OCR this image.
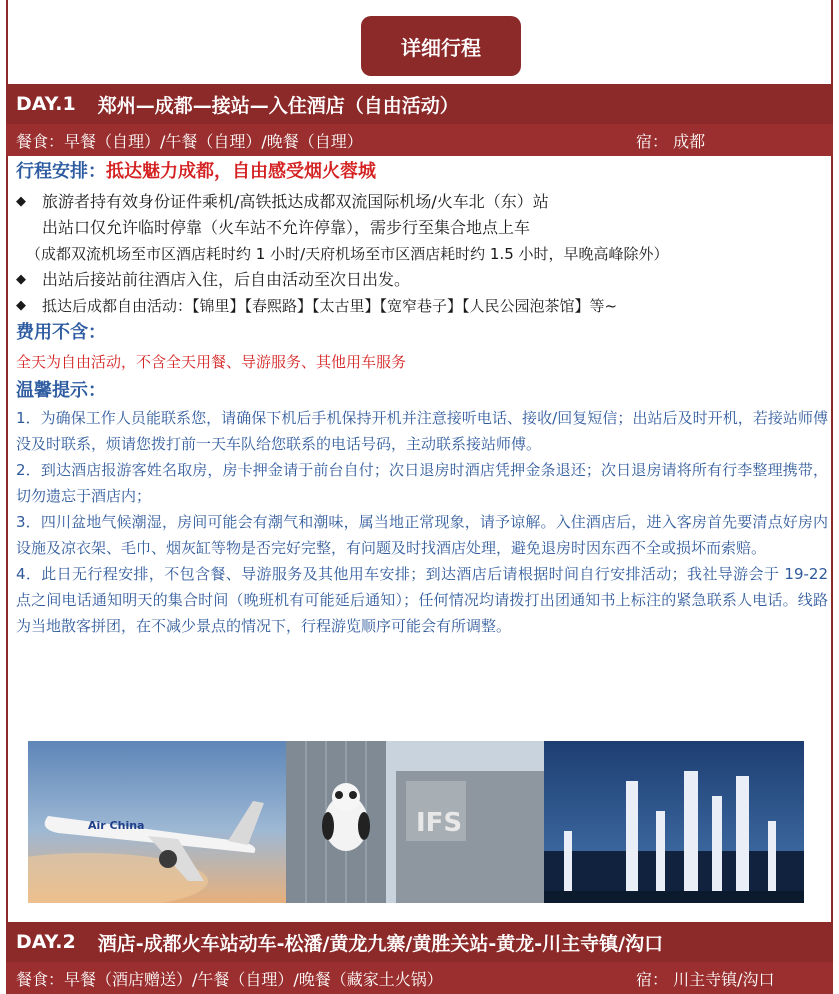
详细行程
DAY.1 郑州—成都—接站—入住酒店（自由活动）
餐食：早餐（自理）/午餐（自理）/晚餐（自理）	宿： 成都
行程安排：抵达魅力成都，自由感受烟火蓉城
◆	旅游者持有效身份证件乘机/高铁抵达成都双流国际机场/火车北（东）站
出站口仅允许临时停靠（火车站不允许停靠），需步行至集合地点上车
（成都双流机场至市区酒店耗时约 1 小时/天府机场至市区酒店耗时约 1.5 小时，早晚高峰除外）
◆	出站后接站前往酒店入住，后自由活动至次日出发。
◆	抵达后成都自由活动：【锦里】【春熙路】【太古里】【宽窄巷子】【人民公园泡茶馆】等~
费用不含：
全天为自由活动，不含全天用餐、导游服务、其他用车服务
温馨提示：
1．为确保工作人员能联系您，请确保下机后手机保持开机并注意接听电话、接收/回复短信；出站后及时开机，若接站师傅没及时联系，烦请您拨打前一天车队给您联系的电话号码，主动联系接站师傅。
2．到达酒店报游客姓名取房，房卡押金请于前台自付；次日退房时酒店凭押金条退还；次日退房请将所有行李整理携带，切勿遗忘于酒店内；
3．四川盆地气候潮湿，房间可能会有潮气和潮味，属当地正常现象，请予谅解。入住酒店后，进入客房首先要清点好房内设施及凉衣架、毛巾、烟灰缸等物是否完好完整，有问题及时找酒店处理，避免退房时因东西不全或损坏而索赔。
4．此日无行程安排，不包含餐、导游服务及其他用车安排；到达酒店后请根据时间自行安排活动；我社导游会于 19-22 点之间电话通知明天的集合时间（晚班机有可能延后通知）；任何情况均请拨打出团通知书上标注的紧急联系人电话。线路为当地散客拼团，在不减少景点的情况下，行程游览顺序可能会有所调整。
Air China	IFS
DAY.2 酒店-成都火车站动车-松潘/黄龙九寨/黄胜关站-黄龙-川主寺镇/沟口
餐食：早餐（酒店赠送）/午餐（自理）/晚餐（藏家土火锅）	宿： 川主寺镇/沟口
